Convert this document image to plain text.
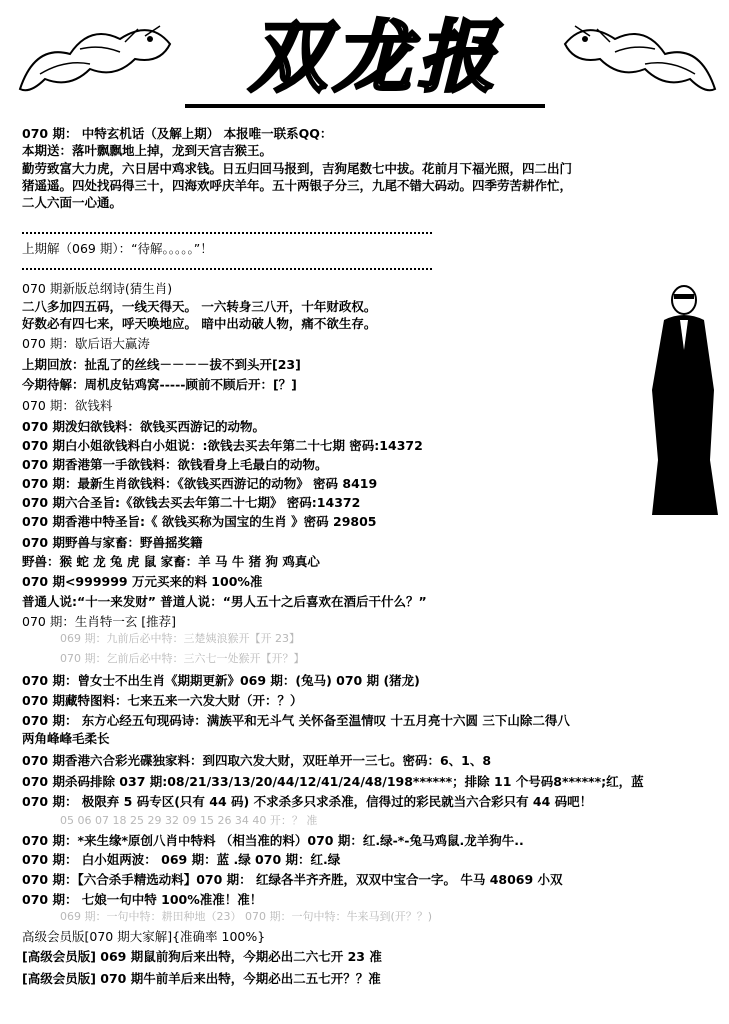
双龙报
070 期： 中特玄机话（及解上期） 本报唯一联系QQ：
本期送：落叶飘飘地上掉，龙到天宫吉猴王。
勤劳致富大力虎，六日居中鸡求钱。日五归回马报到，吉狗尾数七中拔。花前月下福光照，四二出门
猪遥遥。四处找码得三十，四海欢呼庆羊年。五十两银子分三，九尾不错大码动。四季劳苦耕作忙，
二人六面一心通。
上期解（069 期）：“待解。。。。。”！
070 期新版总纲诗(猜生肖)
二八多加四五码，一线天得天。 一六转身三八开，十年财政权。
好数必有四七来，呼天唤地应。 暗中出动破人物，痛不欲生存。
070 期：歇后语大赢涛
上期回放：扯乱了的丝线－－－－拔不到头开[23]
今期待解：周机皮钻鸡窝-----顾前不顾后开：[？]
070 期：欲钱料
070 期泼妇欲钱料：欲钱买西游记的动物。
070 期白小姐欲钱料白小姐说：:欲钱去买去年第二十七期 密码:14372
070 期香港第一手欲钱料：欲钱看身上毛最白的动物。
070 期：最新生肖欲钱料：《欲钱买西游记的动物》 密码 8419
070 期六合圣旨:《欲钱去买去年第二十七期》 密码:14372
070 期香港中特圣旨:《 欲钱买称为国宝的生肖 》密码 29805
070 期野兽与家畜：野兽摇奖籍
野兽：猴 蛇 龙 兔 虎 鼠 家畜：羊 马 牛 猪 狗 鸡真心
070 期<999999 万元买来的料 100%准
普通人说:“十一来发财” 普道人说：“男人五十之后喜欢在酒后干什么？”
070 期：生肖特一玄 [推荐]
069 期：九前后必中特：三楚姨浪猴开【开 23】
070 期：乞前后必中特：三六七一处猴开【开？】
070 期：曾女士不出生肖《期期更新》069 期：(兔马) 070 期 (猪龙)
070 期藏特图料：七来五来一六发大财（开：？）
070 期： 东方心经五句现码诗：满族平和无斗气 关怀备至温情叹 十五月亮十六圆 三下山除二得八
两角峰峰毛柔长
070 期香港六合彩光碟独家料：到四取六发大财，双旺单开一三七。密码：6、1、8
070 期杀码排除 037 期:08/21/33/13/20/44/12/41/24/48/198******；排除 11 个号码8******;红，蓝
070 期： 极限弃 5 码专区(只有 44 码) 不求杀多只求杀准，信得过的彩民就当六合彩只有 44 码吧！
05 06 07 18 25 29 32 09 15 26 34 40 开：？ 准
070 期：*来生缘*原创八肖中特料 （相当准的料）070 期：红.绿-*-兔马鸡鼠.龙羊狗牛..
070 期： 白小姐两波： 069 期：蓝 .绿 070 期：红.绿
070 期：【六合杀手精选动料】070 期： 红绿各半齐齐胜，双双中宝合一字。 牛马 48069 小双
070 期： 七娘一句中特 100%准准！准！
069 期：一句中特：耕田种地（23） 070 期：一句中特：牛来马到(开？？)
高级会员版[070 期大家解]{准确率 100%}
[高级会员版] 069 期鼠前狗后来出特，今期必出二六七开 23 准
[高级会员版] 070 期牛前羊后来出特，今期必出二五七开？？准
